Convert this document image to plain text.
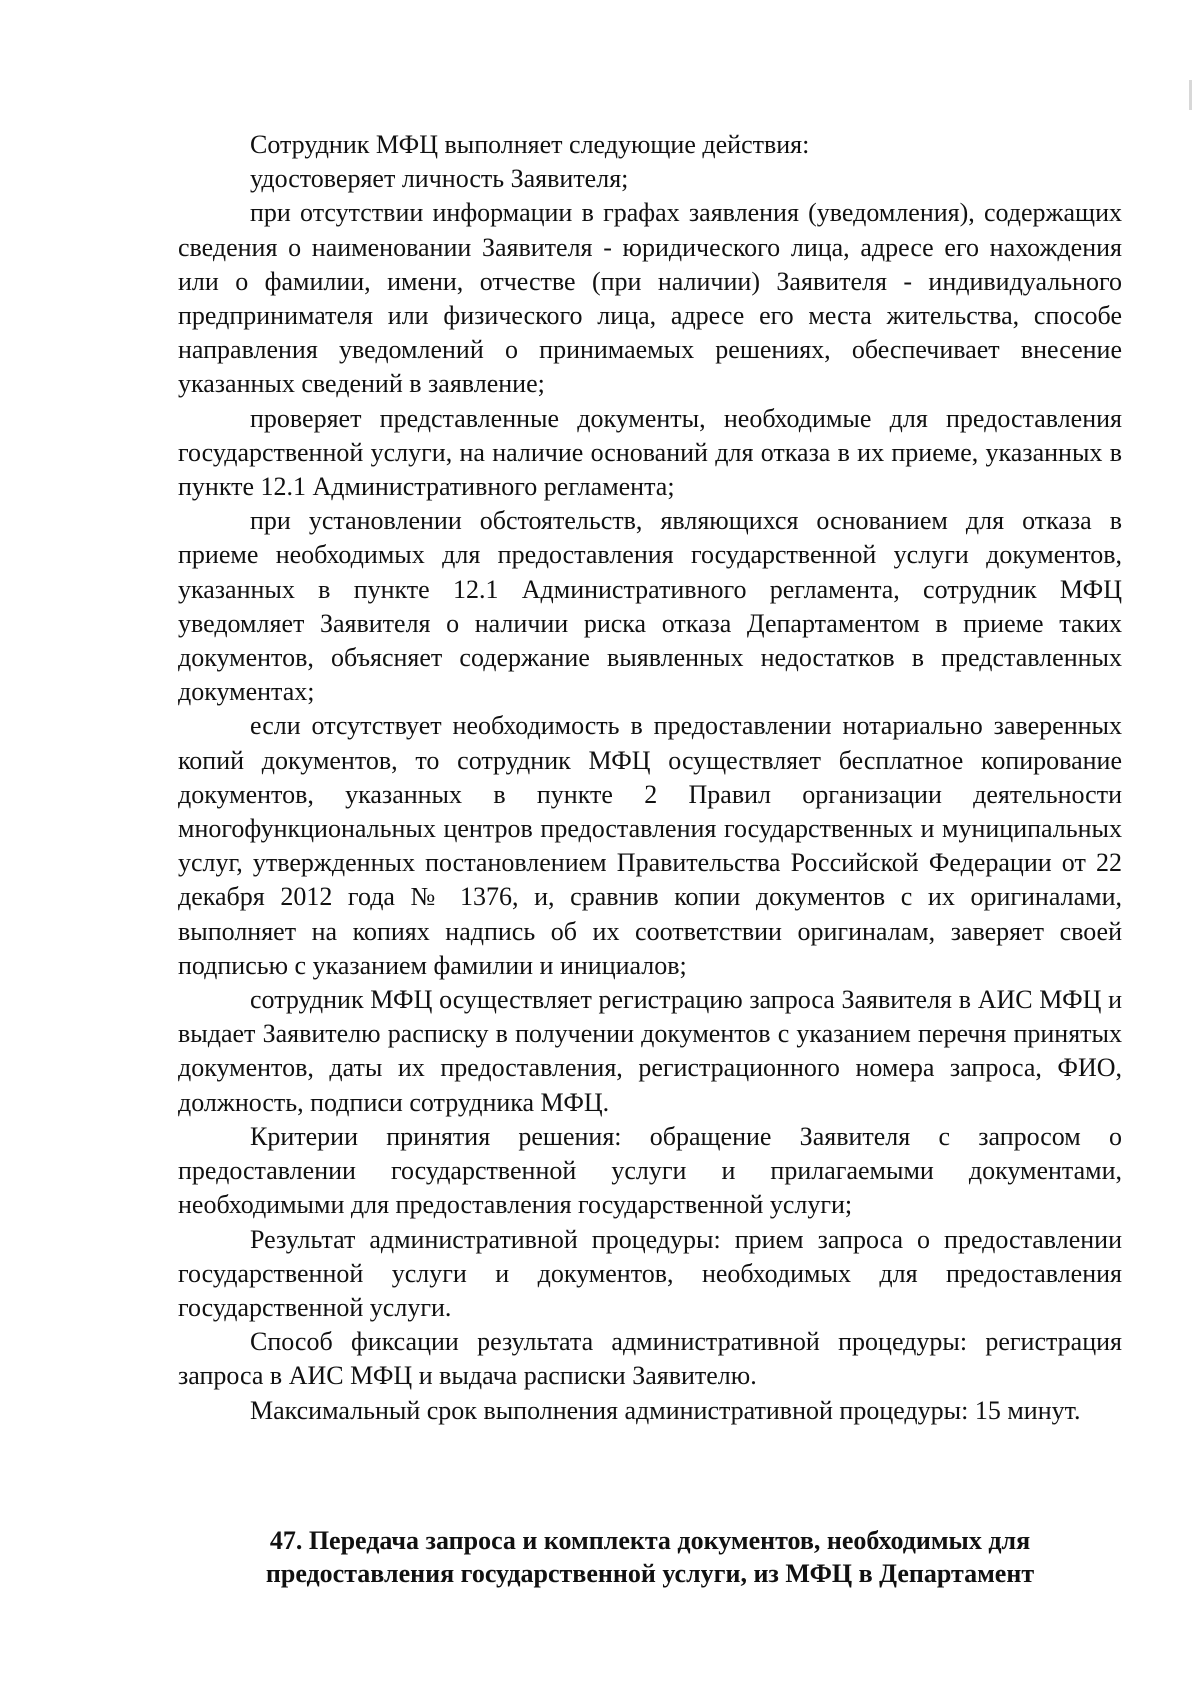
Сотрудник МФЦ выполняет следующие действия:

удостоверяет личность Заявителя;

при отсутствии информации в графах заявления (уведомления), содержащих сведения о наименовании Заявителя - юридического лица, адресе его нахождения или о фамилии, имени, отчестве (при наличии) Заявителя - индивидуального предпринимателя или физического лица, адресе его места жительства, способе направления уведомлений о принимаемых решениях, обеспечивает внесение указанных сведений в заявление;

проверяет представленные документы, необходимые для предоставления государственной услуги, на наличие оснований для отказа в их приеме, указанных в пункте 12.1 Административного регламента;

при установлении обстоятельств, являющихся основанием для отказа в приеме необходимых для предоставления государственной услуги документов, указанных в пункте 12.1 Административного регламента, сотрудник МФЦ уведомляет Заявителя о наличии риска отказа Департаментом в приеме таких документов, объясняет содержание выявленных недостатков в представленных документах;

если отсутствует необходимость в предоставлении нотариально заверенных копий документов, то сотрудник МФЦ осуществляет бесплатное копирование документов, указанных в пункте 2 Правил организации деятельности многофункциональных центров предоставления государственных и муниципальных услуг, утвержденных постановлением Правительства Российской Федерации от 22 декабря 2012 года № 1376, и, сравнив копии документов с их оригиналами, выполняет на копиях надпись об их соответствии оригиналам, заверяет своей подписью с указанием фамилии и инициалов;

сотрудник МФЦ осуществляет регистрацию запроса Заявителя в АИС МФЦ и выдает Заявителю расписку в получении документов с указанием перечня принятых документов, даты их предоставления, регистрационного номера запроса, ФИО, должность, подписи сотрудника МФЦ.

Критерии принятия решения: обращение Заявителя с запросом о предоставлении государственной услуги и прилагаемыми документами, необходимыми для предоставления государственной услуги;

Результат административной процедуры: прием запроса о предоставлении государственной услуги и документов, необходимых для предоставления государственной услуги.

Способ фиксации результата административной процедуры: регистрация запроса в АИС МФЦ и выдача расписки Заявителю.

Максимальный срок выполнения административной процедуры: 15 минут.

47. Передача запроса и комплекта документов, необходимых для предоставления государственной услуги, из МФЦ в Департамент
